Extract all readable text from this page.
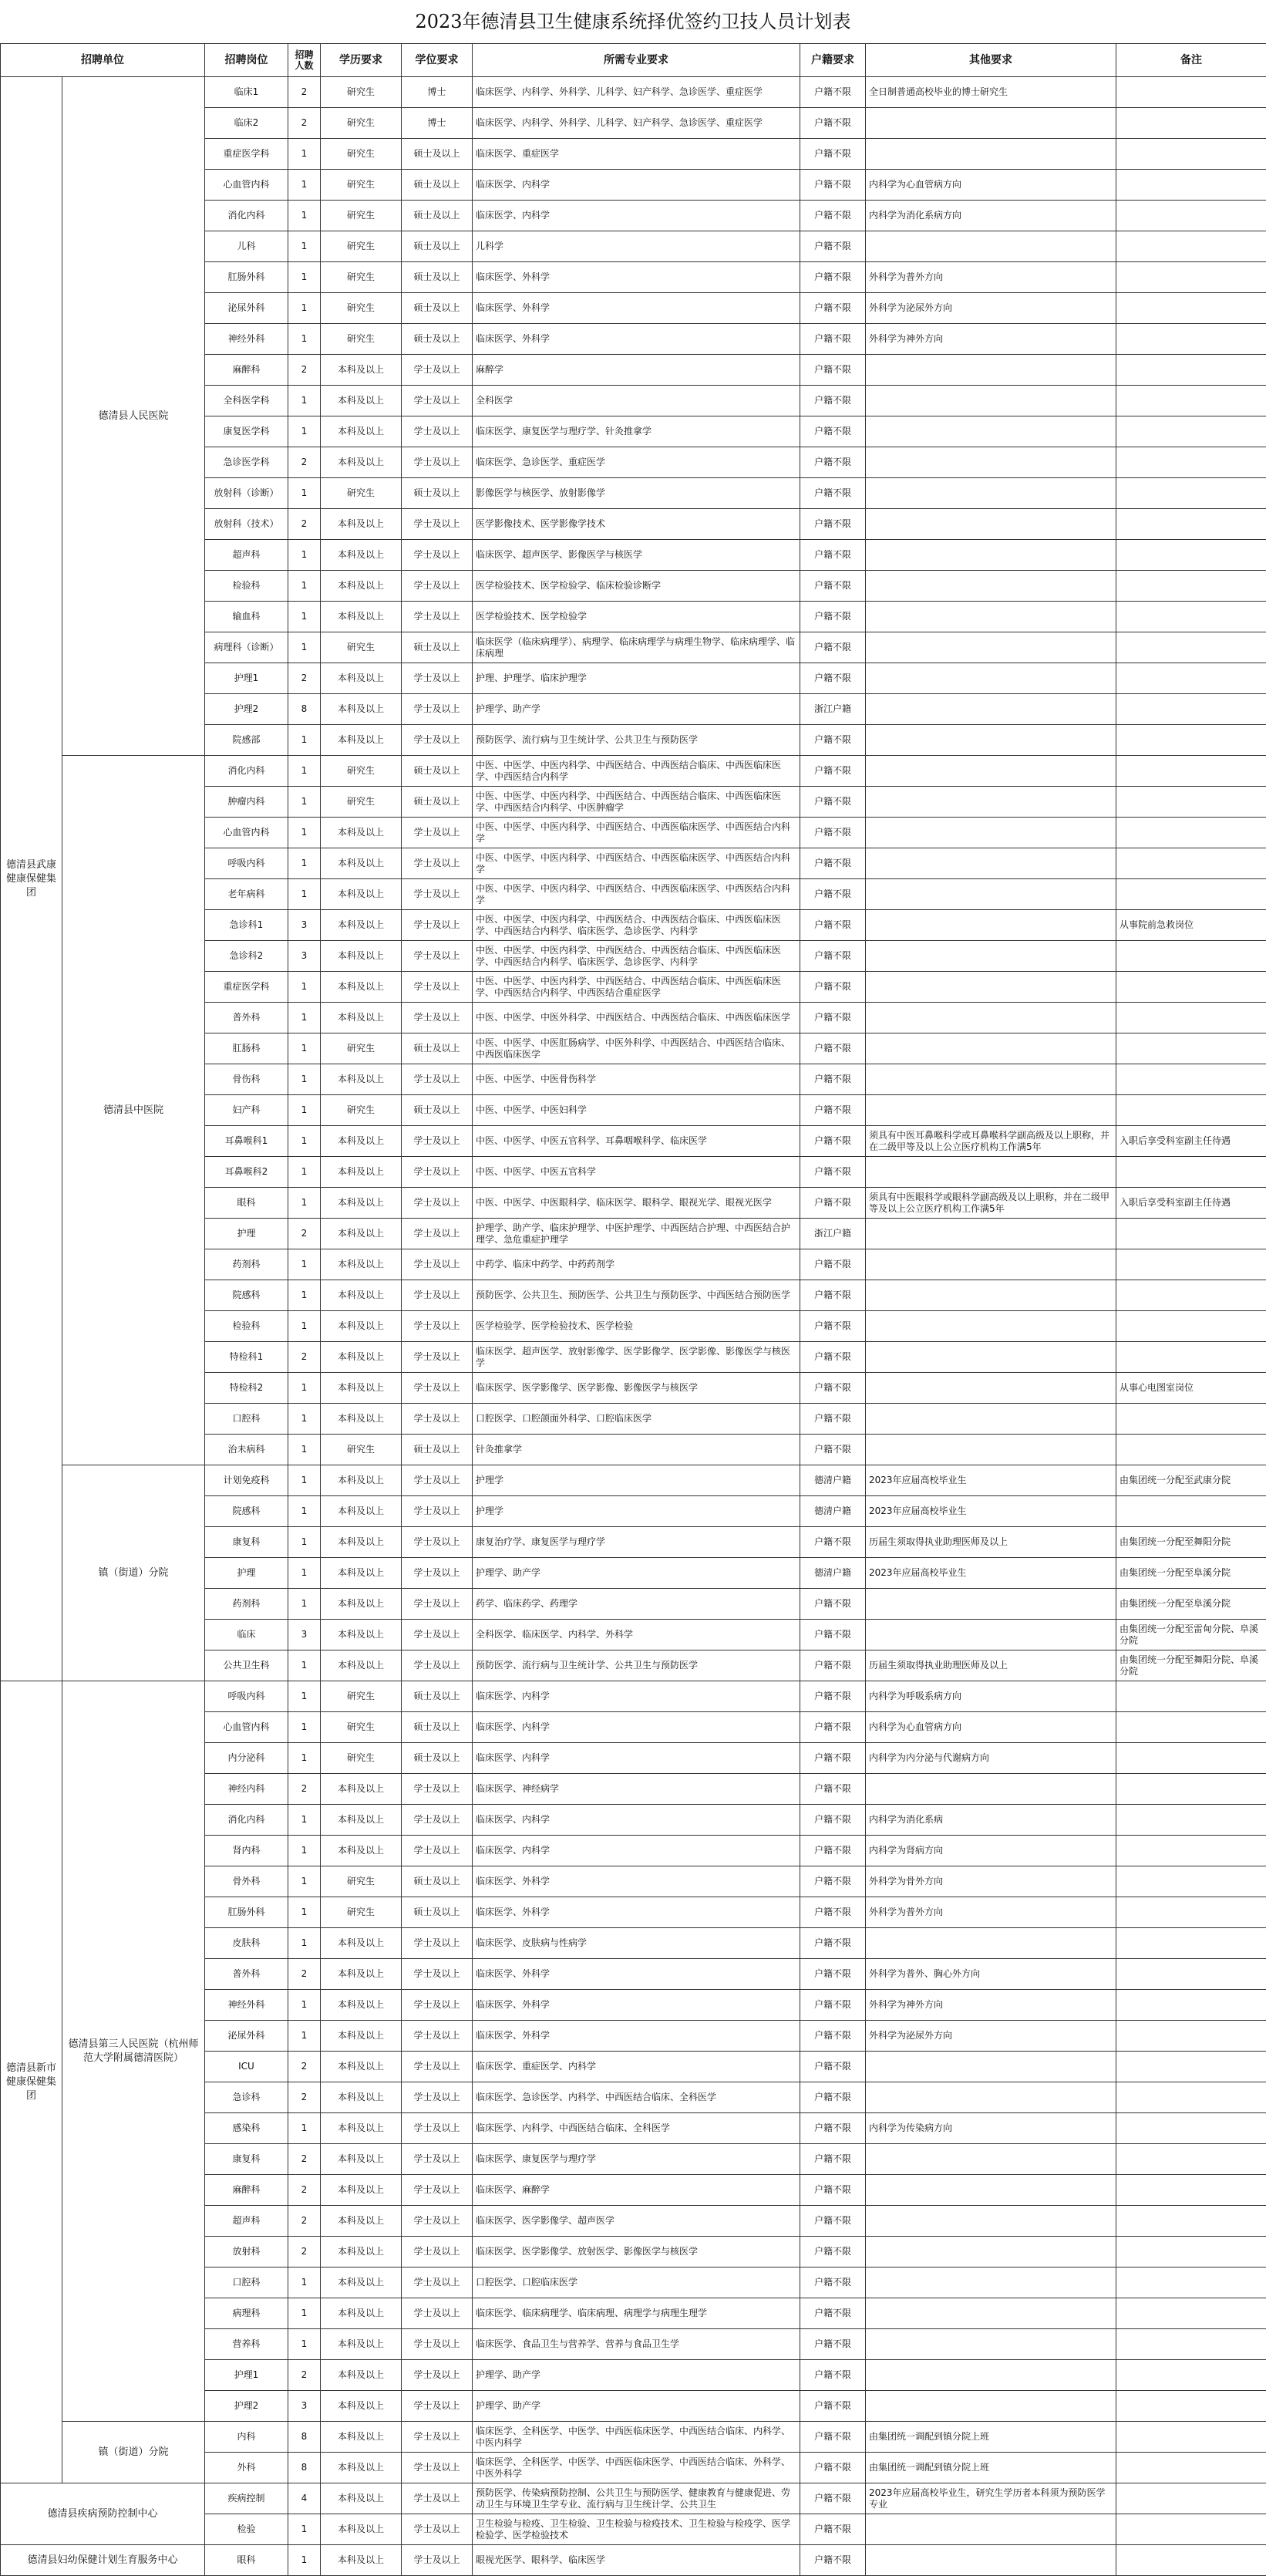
2023年德清县卫生健康系统择优签约卫技人员计划表
招聘单位		招聘岗位	招聘人数	学历要求	学位要求	所需专业要求	户籍要求	其他要求	备注
德清县武康健康保健集团	德清县人民医院	临床1	2	研究生	博士	临床医学、内科学、外科学、儿科学、妇产科学、急诊医学、重症医学	户籍不限	全日制普通高校毕业的博士研究生	
		临床2	2	研究生	博士	临床医学、内科学、外科学、儿科学、妇产科学、急诊医学、重症医学	户籍不限		
		重症医学科	1	研究生	硕士及以上	临床医学、重症医学	户籍不限		
		心血管内科	1	研究生	硕士及以上	临床医学、内科学	户籍不限	内科学为心血管病方向	
		消化内科	1	研究生	硕士及以上	临床医学、内科学	户籍不限	内科学为消化系病方向	
		儿科	1	研究生	硕士及以上	儿科学	户籍不限		
		肛肠外科	1	研究生	硕士及以上	临床医学、外科学	户籍不限	外科学为普外方向	
		泌尿外科	1	研究生	硕士及以上	临床医学、外科学	户籍不限	外科学为泌尿外方向	
		神经外科	1	研究生	硕士及以上	临床医学、外科学	户籍不限	外科学为神外方向	
		麻醉科	2	本科及以上	学士及以上	麻醉学	户籍不限		
		全科医学科	1	本科及以上	学士及以上	全科医学	户籍不限		
		康复医学科	1	本科及以上	学士及以上	临床医学、康复医学与理疗学、针灸推拿学	户籍不限		
		急诊医学科	2	本科及以上	学士及以上	临床医学、急诊医学、重症医学	户籍不限		
		放射科（诊断）	1	研究生	硕士及以上	影像医学与核医学、放射影像学	户籍不限		
		放射科（技术）	2	本科及以上	学士及以上	医学影像技术、医学影像学技术	户籍不限		
		超声科	1	本科及以上	学士及以上	临床医学、超声医学、影像医学与核医学	户籍不限		
		检验科	1	本科及以上	学士及以上	医学检验技术、医学检验学、临床检验诊断学	户籍不限		
		输血科	1	本科及以上	学士及以上	医学检验技术、医学检验学	户籍不限		
		病理科（诊断）	1	研究生	硕士及以上	临床医学（临床病理学）、病理学、临床病理学与病理生物学、临床病理学、临床病理	户籍不限		
		护理1	2	本科及以上	学士及以上	护理、护理学、临床护理学	户籍不限		
		护理2	8	本科及以上	学士及以上	护理学、助产学	浙江户籍		
		院感部	1	本科及以上	学士及以上	预防医学、流行病与卫生统计学、公共卫生与预防医学	户籍不限		
	德清县中医院	消化内科	1	研究生	硕士及以上	中医、中医学、中医内科学、中西医结合、中西医结合临床、中西医临床医学、中西医结合内科学	户籍不限		
		肿瘤内科	1	研究生	硕士及以上	中医、中医学、中医内科学、中西医结合、中西医结合临床、中西医临床医学、中西医结合内科学、中医肿瘤学	户籍不限		
		心血管内科	1	本科及以上	学士及以上	中医、中医学、中医内科学、中西医结合、中西医临床医学、中西医结合内科学	户籍不限		
		呼吸内科	1	本科及以上	学士及以上	中医、中医学、中医内科学、中西医结合、中西医临床医学、中西医结合内科学	户籍不限		
		老年病科	1	本科及以上	学士及以上	中医、中医学、中医内科学、中西医结合、中西医临床医学、中西医结合内科学	户籍不限		
		急诊科1	3	本科及以上	学士及以上	中医、中医学、中医内科学、中西医结合、中西医结合临床、中西医临床医学、中西医结合内科学、临床医学、急诊医学、内科学	户籍不限		从事院前急救岗位
		急诊科2	3	本科及以上	学士及以上	中医、中医学、中医内科学、中西医结合、中西医结合临床、中西医临床医学、中西医结合内科学、临床医学、急诊医学、内科学	户籍不限		
		重症医学科	1	本科及以上	学士及以上	中医、中医学、中医内科学、中西医结合、中西医结合临床、中西医临床医学、中西医结合内科学、中西医结合重症医学	户籍不限		
		普外科	1	本科及以上	学士及以上	中医、中医学、中医外科学、中西医结合、中西医结合临床、中西医临床医学	户籍不限		
		肛肠科	1	研究生	硕士及以上	中医、中医学、中医肛肠病学、中医外科学、中西医结合、中西医结合临床、中西医临床医学	户籍不限		
		骨伤科	1	本科及以上	学士及以上	中医、中医学、中医骨伤科学	户籍不限		
		妇产科	1	研究生	硕士及以上	中医、中医学、中医妇科学	户籍不限		
		耳鼻喉科1	1	本科及以上	学士及以上	中医、中医学、中医五官科学、耳鼻咽喉科学、临床医学	户籍不限	须具有中医耳鼻喉科学或耳鼻喉科学副高级及以上职称，并在二级甲等及以上公立医疗机构工作满5年	入职后享受科室副主任待遇
		耳鼻喉科2	1	本科及以上	学士及以上	中医、中医学、中医五官科学	户籍不限		
		眼科	1	本科及以上	学士及以上	中医、中医学、中医眼科学、临床医学、眼科学、眼视光学、眼视光医学	户籍不限	须具有中医眼科学或眼科学副高级及以上职称，并在二级甲等及以上公立医疗机构工作满5年	入职后享受科室副主任待遇
		护理	2	本科及以上	学士及以上	护理学、助产学、临床护理学、中医护理学、中西医结合护理、中西医结合护理学、急危重症护理学	浙江户籍		
		药剂科	1	本科及以上	学士及以上	中药学、临床中药学、中药药剂学	户籍不限		
		院感科	1	本科及以上	学士及以上	预防医学、公共卫生、预防医学、公共卫生与预防医学、中西医结合预防医学	户籍不限		
		检验科	1	本科及以上	学士及以上	医学检验学、医学检验技术、医学检验	户籍不限		
		特检科1	2	本科及以上	学士及以上	临床医学、超声医学、放射影像学、医学影像学、医学影像、影像医学与核医学	户籍不限		
		特检科2	1	本科及以上	学士及以上	临床医学、医学影像学、医学影像、影像医学与核医学	户籍不限		从事心电图室岗位
		口腔科	1	本科及以上	学士及以上	口腔医学、口腔颌面外科学、口腔临床医学	户籍不限		
		治未病科	1	研究生	硕士及以上	针灸推拿学	户籍不限		
	镇（街道）分院	计划免疫科	1	本科及以上	学士及以上	护理学	德清户籍	2023年应届高校毕业生	由集团统一分配至武康分院
		院感科	1	本科及以上	学士及以上	护理学	德清户籍	2023年应届高校毕业生	
		康复科	1	本科及以上	学士及以上	康复治疗学、康复医学与理疗学	户籍不限	历届生须取得执业助理医师及以上	由集团统一分配至舞阳分院
		护理	1	本科及以上	学士及以上	护理学、助产学	德清户籍	2023年应届高校毕业生	由集团统一分配至阜溪分院
		药剂科	1	本科及以上	学士及以上	药学、临床药学、药理学	户籍不限		由集团统一分配至阜溪分院
		临床	3	本科及以上	学士及以上	全科医学、临床医学、内科学、外科学	户籍不限		由集团统一分配至雷甸分院、阜溪分院
		公共卫生科	1	本科及以上	学士及以上	预防医学、流行病与卫生统计学、公共卫生与预防医学	户籍不限	历届生须取得执业助理医师及以上	由集团统一分配至舞阳分院、阜溪分院
德清县新市健康保健集团	德清县第三人民医院（杭州师范大学附属德清医院）	呼吸内科	1	研究生	硕士及以上	临床医学、内科学	户籍不限	内科学为呼吸系病方向	
		心血管内科	1	研究生	硕士及以上	临床医学、内科学	户籍不限	内科学为心血管病方向	
		内分泌科	1	研究生	硕士及以上	临床医学、内科学	户籍不限	内科学为内分泌与代谢病方向	
		神经内科	2	本科及以上	学士及以上	临床医学、神经病学	户籍不限		
		消化内科	1	本科及以上	学士及以上	临床医学、内科学	户籍不限	内科学为消化系病	
		肾内科	1	本科及以上	学士及以上	临床医学、内科学	户籍不限	内科学为肾病方向	
		骨外科	1	研究生	硕士及以上	临床医学、外科学	户籍不限	外科学为骨外方向	
		肛肠外科	1	研究生	硕士及以上	临床医学、外科学	户籍不限	外科学为普外方向	
		皮肤科	1	本科及以上	学士及以上	临床医学、皮肤病与性病学	户籍不限		
		普外科	2	本科及以上	学士及以上	临床医学、外科学	户籍不限	外科学为普外、胸心外方向	
		神经外科	1	本科及以上	学士及以上	临床医学、外科学	户籍不限	外科学为神外方向	
		泌尿外科	1	本科及以上	学士及以上	临床医学、外科学	户籍不限	外科学为泌尿外方向	
		ICU	2	本科及以上	学士及以上	临床医学、重症医学、内科学	户籍不限		
		急诊科	2	本科及以上	学士及以上	临床医学、急诊医学、内科学、中西医结合临床、全科医学	户籍不限		
		感染科	1	本科及以上	学士及以上	临床医学、内科学、中西医结合临床、全科医学	户籍不限	内科学为传染病方向	
		康复科	2	本科及以上	学士及以上	临床医学、康复医学与理疗学	户籍不限		
		麻醉科	2	本科及以上	学士及以上	临床医学、麻醉学	户籍不限		
		超声科	2	本科及以上	学士及以上	临床医学、医学影像学、超声医学	户籍不限		
		放射科	2	本科及以上	学士及以上	临床医学、医学影像学、放射医学、影像医学与核医学	户籍不限		
		口腔科	1	本科及以上	学士及以上	口腔医学、口腔临床医学	户籍不限		
		病理科	1	本科及以上	学士及以上	临床医学、临床病理学、临床病理、病理学与病理生理学	户籍不限		
		营养科	1	本科及以上	学士及以上	临床医学、食品卫生与营养学、营养与食品卫生学	户籍不限		
		护理1	2	本科及以上	学士及以上	护理学、助产学	户籍不限		
		护理2	3	本科及以上	学士及以上	护理学、助产学	户籍不限		
	镇（街道）分院	内科	8	本科及以上	学士及以上	临床医学、全科医学、中医学、中西医临床医学、中西医结合临床、内科学、中医内科学	户籍不限	由集团统一调配到镇分院上班	
		外科	8	本科及以上	学士及以上	临床医学、全科医学、中医学、中西医临床医学、中西医结合临床、外科学、中医外科学	户籍不限	由集团统一调配到镇分院上班	
德清县疾病预防控制中心		疾病控制	4	本科及以上	学士及以上	预防医学、传染病预防控制、公共卫生与预防医学、健康教育与健康促进、劳动卫生与环境卫生学专业、流行病与卫生统计学、公共卫生	户籍不限	2023年应届高校毕业生，研究生学历者本科须为预防医学专业	
		检验	1	本科及以上	学士及以上	卫生检验与检疫、卫生检验、卫生检验与检疫技术、卫生检验与检疫学、医学检验学、医学检验技术	户籍不限		
德清县妇幼保健计划生育服务中心		眼科	1	本科及以上	学士及以上	眼视光医学、眼科学、临床医学	户籍不限		
